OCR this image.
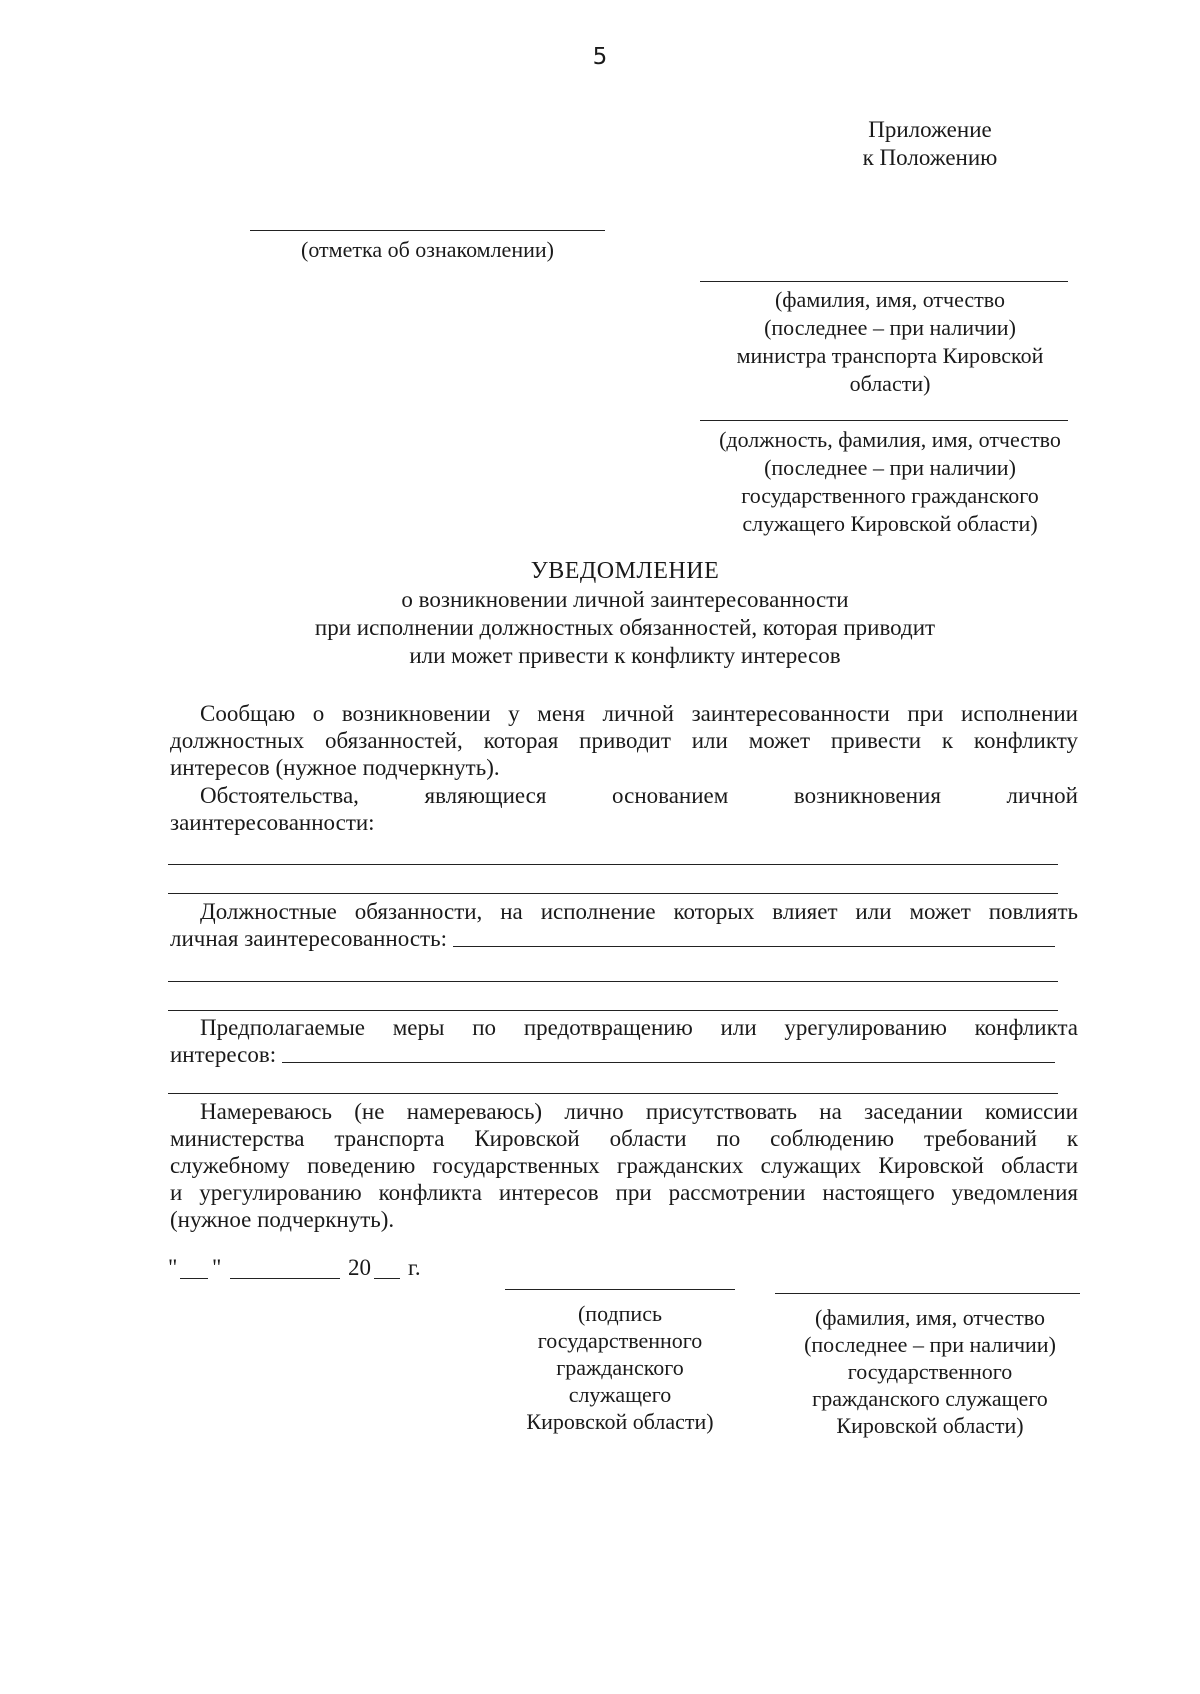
5
Приложение
к Положению
(отметка об ознакомлении)
(фамилия, имя, отчество
(последнее – при наличии)
министра транспорта Кировской
области)
(должность, фамилия, имя, отчество
(последнее – при наличии)
государственного гражданского
служащего Кировской области)
УВЕДОМЛЕНИЕ
о возникновении личной заинтересованности
при исполнении должностных обязанностей, которая приводит
или может привести к конфликту интересов
Сообщаю о возникновении у меня личной заинтересованности при исполнении
должностных обязанностей, которая приводит или может привести к конфликту
интересов (нужное подчеркнуть).
Обстоятельства,	являющиеся	основанием	возникновения	личной
заинтересованности:
Должностные обязанности, на исполнение которых влияет или может повлиять
личная заинтересованность:
Предполагаемые меры по предотвращению или урегулированию конфликта
интересов:
Намереваюсь (не намереваюсь) лично присутствовать на заседании комиссии
министерства транспорта Кировской области по соблюдению требований к
служебному поведению государственных гражданских служащих Кировской области
и урегулированию конфликта интересов при рассмотрении настоящего уведомления
(нужное подчеркнуть).
" "	20 г.
(подпись
государственного
гражданского
служащего
Кировской области)
(фамилия, имя, отчество
(последнее – при наличии)
государственного
гражданского служащего
Кировской области)
